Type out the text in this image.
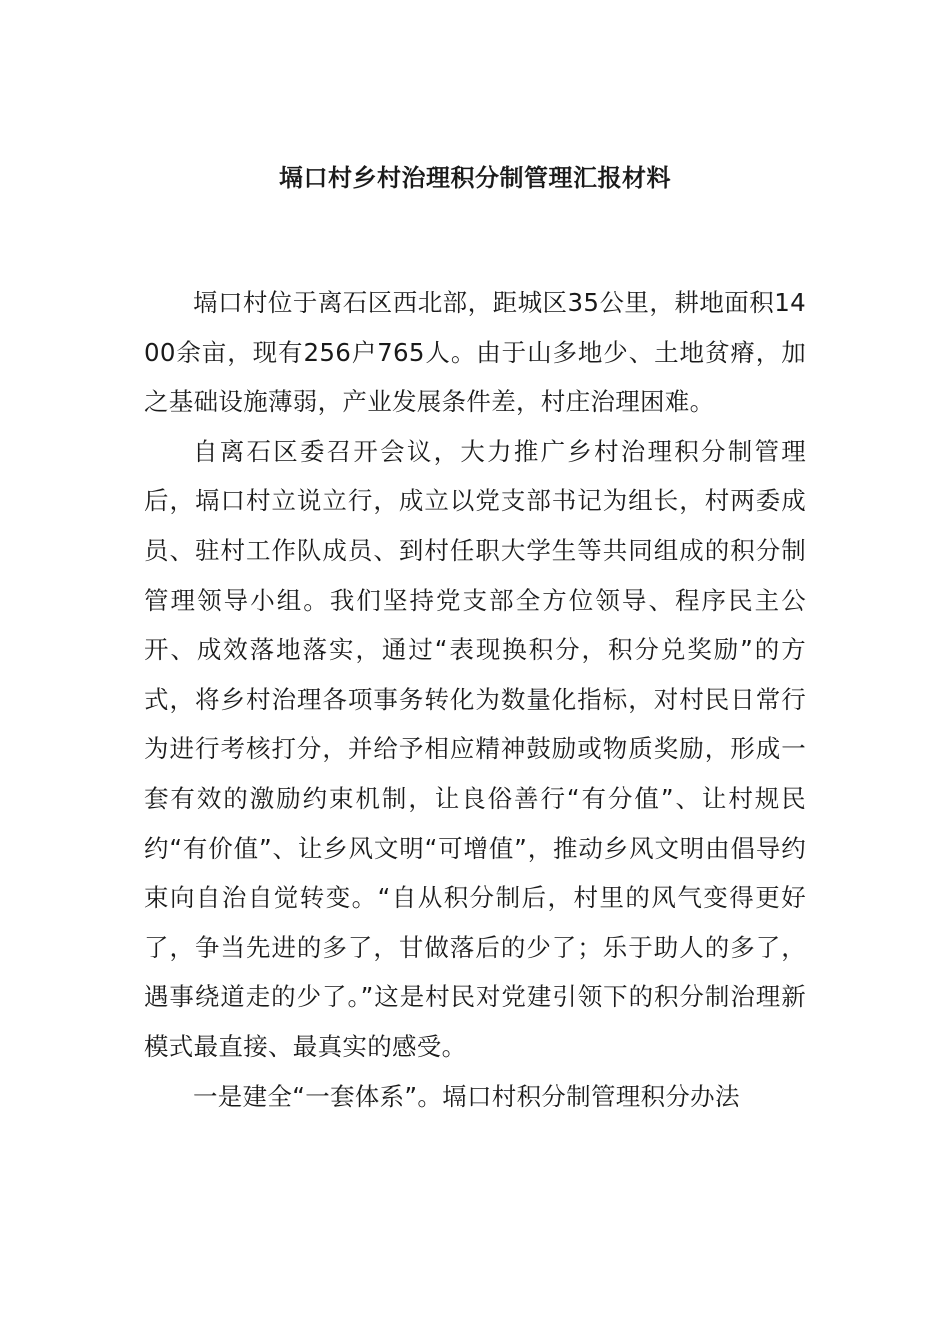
塥口村乡村治理积分制管理汇报材料

塥口村位于离石区西北部，距城区35公里，耕地面积1400余亩，现有256户765人。由于山多地少、土地贫瘠，加之基础设施薄弱，产业发展条件差，村庄治理困难。

自离石区委召开会议，大力推广乡村治理积分制管理后，塥口村立说立行，成立以党支部书记为组长，村两委成员、驻村工作队成员、到村任职大学生等共同组成的积分制管理领导小组。我们坚持党支部全方位领导、程序民主公开、成效落地落实，通过“表现换积分，积分兑奖励”的方式，将乡村治理各项事务转化为数量化指标，对村民日常行为进行考核打分，并给予相应精神鼓励或物质奖励，形成一套有效的激励约束机制，让良俗善行“有分值”、让村规民约“有价值”、让乡风文明“可增值”，推动乡风文明由倡导约束向自治自觉转变。“自从积分制后，村里的风气变得更好了，争当先进的多了，甘做落后的少了；乐于助人的多了，遇事绕道走的少了。”这是村民对党建引领下的积分制治理新模式最直接、最真实的感受。

一是建全“一套体系”。塥口村积分制管理积分办法
